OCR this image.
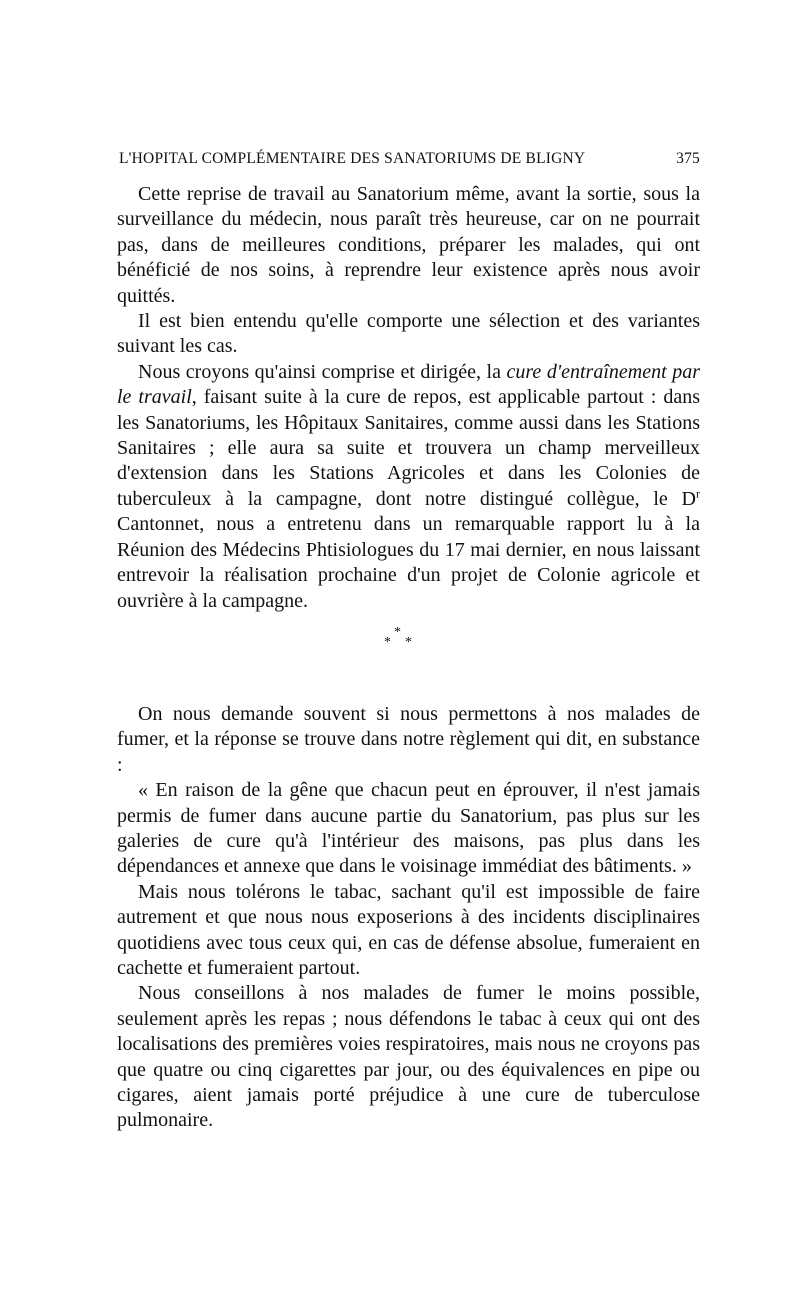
L'HOPITAL COMPLÉMENTAIRE DES SANATORIUMS DE BLIGNY	375

Cette reprise de travail au Sanatorium même, avant la sortie, sous la surveillance du médecin, nous paraît très heureuse, car on ne pourrait pas, dans de meilleures conditions, préparer les malades, qui ont bénéficié de nos soins, à reprendre leur existence après nous avoir quittés.

Il est bien entendu qu'elle comporte une sélection et des variantes suivant les cas.

Nous croyons qu'ainsi comprise et dirigée, la cure d'entraînement par le travail, faisant suite à la cure de repos, est applicable partout : dans les Sanatoriums, les Hôpitaux Sanitaires, comme aussi dans les Stations Sanitaires ; elle aura sa suite et trouvera un champ merveilleux d'extension dans les Stations Agricoles et dans les Colonies de tuberculeux à la campagne, dont notre distingué collègue, le $D^r$ Cantonnet, nous a entretenu dans un remarquable rapport lu à la Réunion des Médecins Phtisiologues du 17 mai dernier, en nous laissant entrevoir la réalisation prochaine d'un projet de Colonie agricole et ouvrière à la campagne.

*
* *

On nous demande souvent si nous permettons à nos malades de fumer, et la réponse se trouve dans notre règlement qui dit, en substance :

« En raison de la gêne que chacun peut en éprouver, il n'est jamais permis de fumer dans aucune partie du Sanatorium, pas plus sur les galeries de cure qu'à l'intérieur des maisons, pas plus dans les dépendances et annexe que dans le voisinage immédiat des bâtiments. »

Mais nous tolérons le tabac, sachant qu'il est impossible de faire autrement et que nous nous exposerions à des incidents disciplinaires quotidiens avec tous ceux qui, en cas de défense absolue, fumeraient en cachette et fumeraient partout.

Nous conseillons à nos malades de fumer le moins possible, seulement après les repas ; nous défendons le tabac à ceux qui ont des localisations des premières voies respiratoires, mais nous ne croyons pas que quatre ou cinq cigarettes par jour, ou des équivalences en pipe ou cigares, aient jamais porté préjudice à une cure de tuberculose pulmonaire.
